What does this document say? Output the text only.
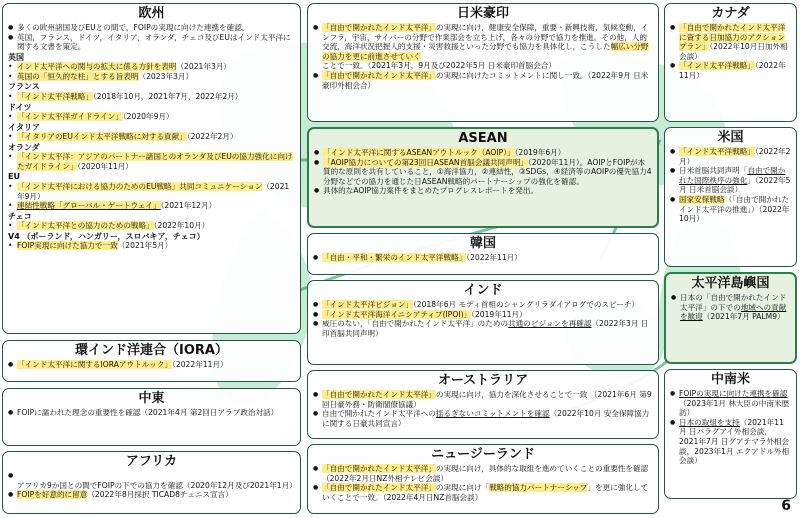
欧州
● 多くの欧州諸国及びEUとの間で，FOIPの実現に向けた連携を確認。
● 英国，フランス，ドイツ，イタリア，オランダ，チェコ及びEUはインド太平洋に関する文書を策定。
英国
• インド太平洋への関与の拡大に係る方針を表明（2021年3月）
• 英国の「恒久的な柱」とする旨表明（2023年3月）
フランス
• 「インド太平洋戦略」（2018年10月，2021年7月，2022年2月）
ドイツ
• 「インド太平洋ガイドライン」（2020年9月）
イタリア
• 「イタリアのEUインド太平洋戦略に対する貢献」（2022年2月）
オランダ
• 「インド太平洋：アジアのパートナー諸国とのオランダ及びEUの協力強化に向けたガイドライン」（2020年11月）
EU
• 「インド太平洋における協力のためのEU戦略」共同コミュニケーション（2021年9月）
• 連結性戦略「グローバル・ゲートウェイ」（2021年12月）
チェコ
• 「インド太平洋との協力のための戦略」（2022年10月）
V4 （ポーランド，ハンガリー，スロバキア，チェコ）
• FOIP実現に向けた協力で一致（2021年5月）
環インド洋連合（IORA）
● 「インド太平洋に関するIORAアウトルック」（2022年11月）
中東
● FOIPに謳われた理念の重要性を確認（2021年4月 第2回日アラブ政治対話）
アフリカ
● アフリカ9か国との間でFOIPの下での協力を確認（2020年12月及び2021年1月）
● FOIPを好意的に留意（2022年8月採択 TICAD8チュニス宣言）
日米豪印
● 「自由で開かれたインド太平洋」の実現に向け，健康安全保障，重要・新興技術，気候変動，インフラ，宇宙，サイバーの分野で作業部会を立ち上げ，各々の分野で協力を推進。その他，人的交流，海洋状況把握人的支援・災害救援といった分野でも協力を具体化し，こうした幅広い分野の協力を更に前進させていくことで一致。（2021年3月，9月及び2022年5月 日米豪印首脳会合）
● 「自由で開かれたインド太平洋」の実現に向けたコミットメントに関し一致。（2022年9月 日米豪印外相会合）
ASEAN
● 「インド太平洋に関するASEANアウトルック（AOIP）」（2019年6月）
● 「AOIP協力についての第23回日ASEAN首脳会議共同声明」（2020年11月）。AOIPとFOIPが本質的な原則を共有していること，①海洋協力，②連結性，③SDGs，④経済等のAOIPの優先協力4分野などでの協力を通じた日ASEAN戦略的パートナーシップの強化を確認。
● 具体的なAOIP協力案件をまとめたプログレスレポートを発出。
韓国
● 「自由・平和・繁栄のインド太平洋戦略」（2022年11月）
インド
● 「インド太平洋ビジョン」（2018年6月 モディ首相のシャングリラダイアログでのスピーチ）
● 「インド太平洋海洋イニシアティブ(IPOI)」（2019年11月）
● 威圧のない，「自由で開かれたインド太平洋」のための共通のビジョンを再確認（2022年3月 日印首脳共同声明）
オーストラリア
● 「自由で開かれたインド太平洋」の実現に向け，協力を深化させることで一致 （2021年6月 第9回日豪外務・防衛閣僚協議）
● 自由で開かれたインド太平洋への揺るぎないコミットメントを確認（2022年10月 安全保障協力に関する日豪共同宣言）
ニュージーランド
● 「自由で開かれたインド太平洋」の実現に向け，具体的な取組を進めていくことの重要性を確認（2022年2月日NZ外相テレビ会談）
● 「自由で開かれたインド太平洋」の実現に向け「戦略的協力パートナーシップ」を更に強化していくことで一致。（2022年4月日NZ首脳会談）
カナダ
● 「自由で開かれたインド太平洋に資する日加協力のアクションプラン」（2022年10月日加外相会談）
● 「インド太平洋戦略」（2022年11月）
米国
● 「インド太平洋戦略」（2022年2月）
● 日米首脳共同声明「自由で開かれた国際秩序の強化」（2022年5月 日米首脳会談）
● 国家安保戦略（「自由で開かれたインド太平洋の推進」）（2022年10月）
太平洋島嶼国
● 日本の「自由で開かれたインド太平洋」の下での地域への貢献を歓迎（2021年7月 PALM9）
中南米
● FOIPの実現に向けた連携を確認（2023年1月 林大臣の中南米歴訪）
● 日本の取組を支持（2021年11月 日パラグアイ外相会談，2021年7月 日グアテマラ外相会談，2023年1月 エクアドル外相会談）
6
